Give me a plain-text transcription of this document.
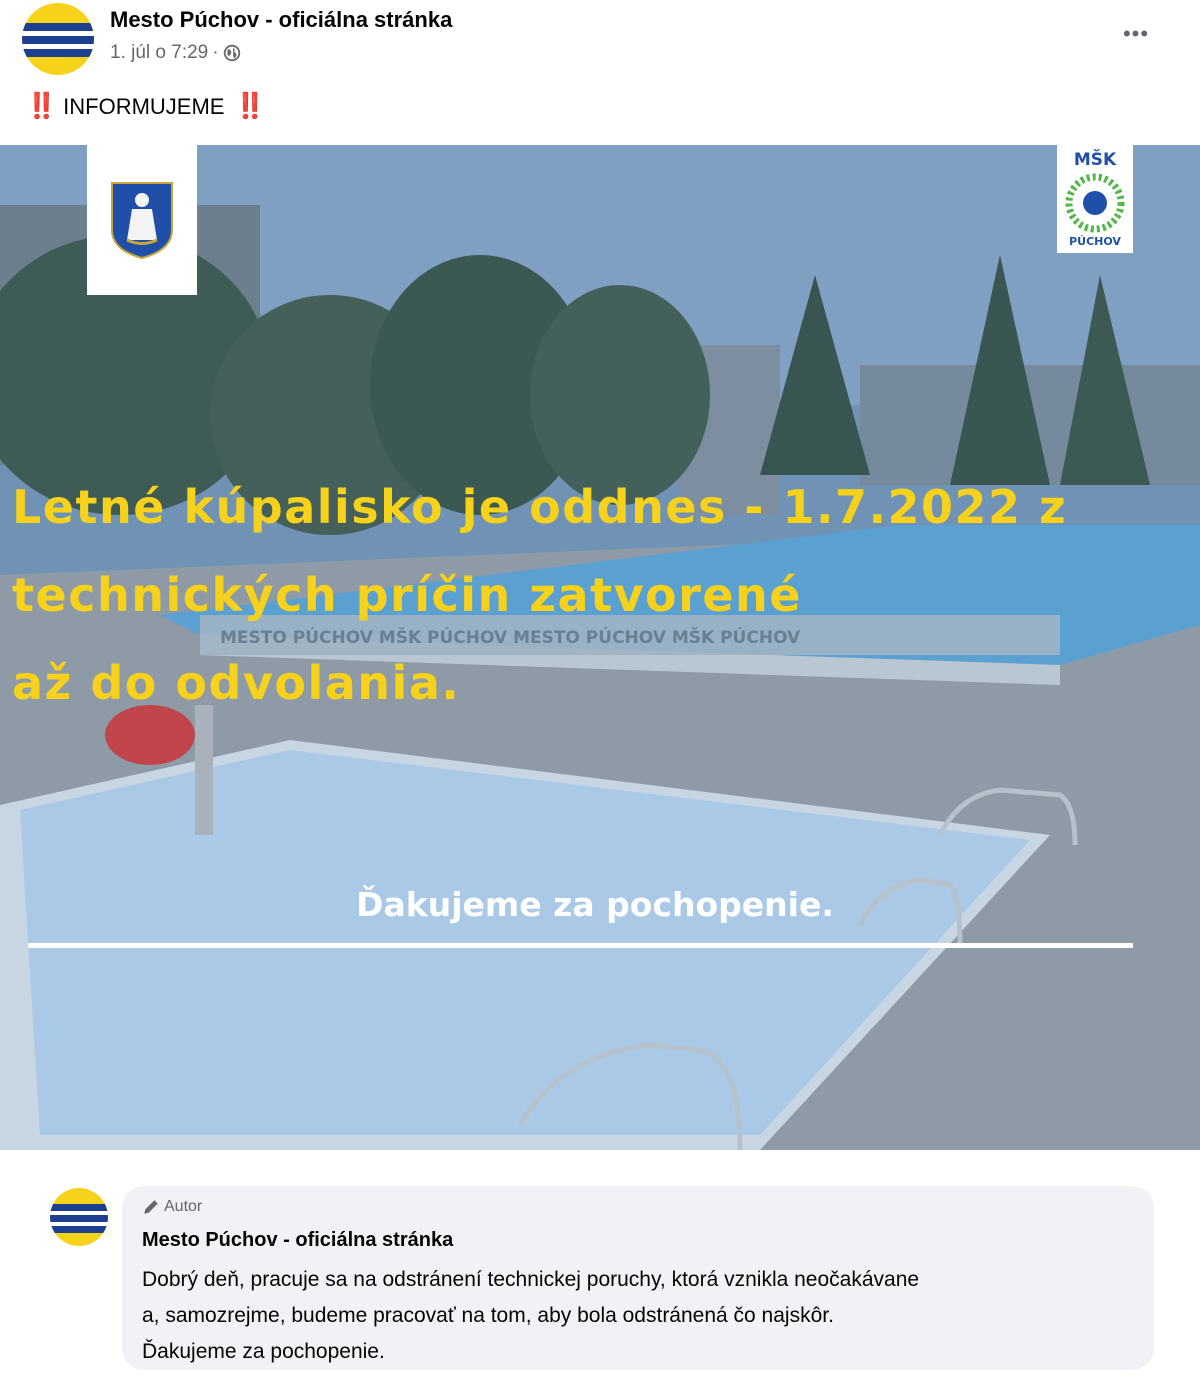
Mesto Púchov - oficiálna stránka
1. júl o 7:29 ·
•••
‼️ INFORMUJEME ‼️
MESTO PÚCHOV MŠK PÚCHOV MESTO PÚCHOV MŠK PÚCHOV
MŠK
PÚCHOV
Letné kúpalisko je oddnes - 1.7.2022 z
technických príčin zatvorené
až do odvolania.
Ďakujeme za pochopenie.
Autor
Mesto Púchov - oficiálna stránka
Dobrý deň, pracuje sa na odstránení technickej poruchy, ktorá vznikla neočakávane
a, samozrejme, budeme pracovať na tom, aby bola odstránená čo najskôr.
Ďakujeme za pochopenie.
